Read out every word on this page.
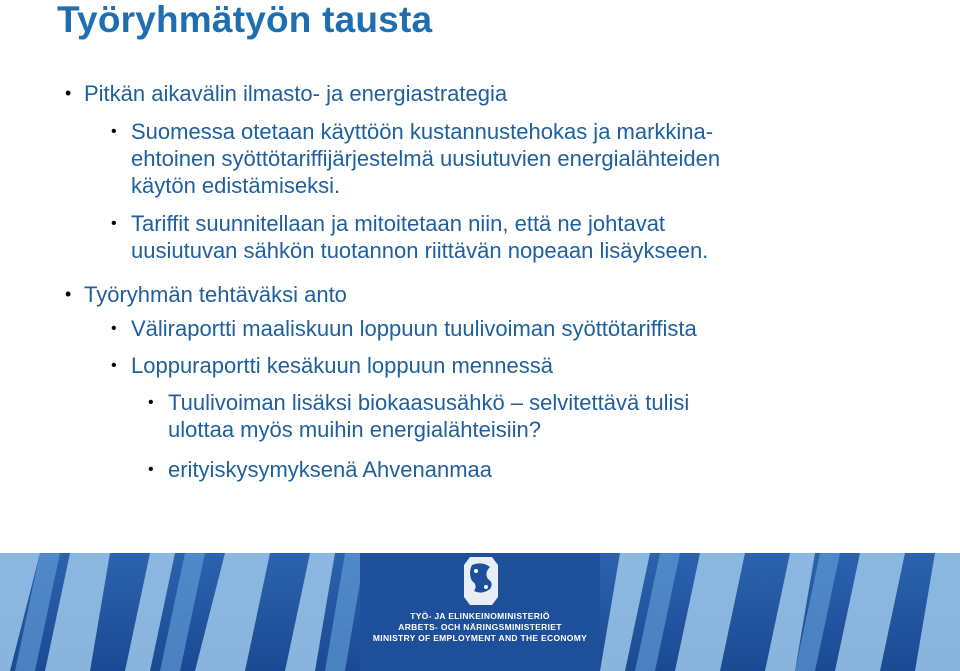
Työryhmätyön tausta
• Pitkän aikavälin ilmasto- ja energiastrategia
• Suomessa otetaan käyttöön kustannustehokas ja markkina-
ehtoinen syöttötariffijärjestelmä uusiutuvien energialähteiden
käytön edistämiseksi.
• Tariffit suunnitellaan ja mitoitetaan niin, että ne johtavat
uusiutuvan sähkön tuotannon riittävän nopeaan lisäykseen.
• Työryhmän tehtäväksi anto
• Väliraportti maaliskuun loppuun tuulivoiman syöttötariffista
• Loppuraportti kesäkuun loppuun mennessä
• Tuulivoiman lisäksi biokaasusähkö – selvitettävä tulisi
ulottaa myös muihin energialähteisiin?
• erityiskysymyksenä Ahvenanmaa
TYÖ- JA ELINKEINOMINISTERIÖ
ARBETS- OCH NÄRINGSMINISTERIET
MINISTRY OF EMPLOYMENT AND THE ECONOMY
